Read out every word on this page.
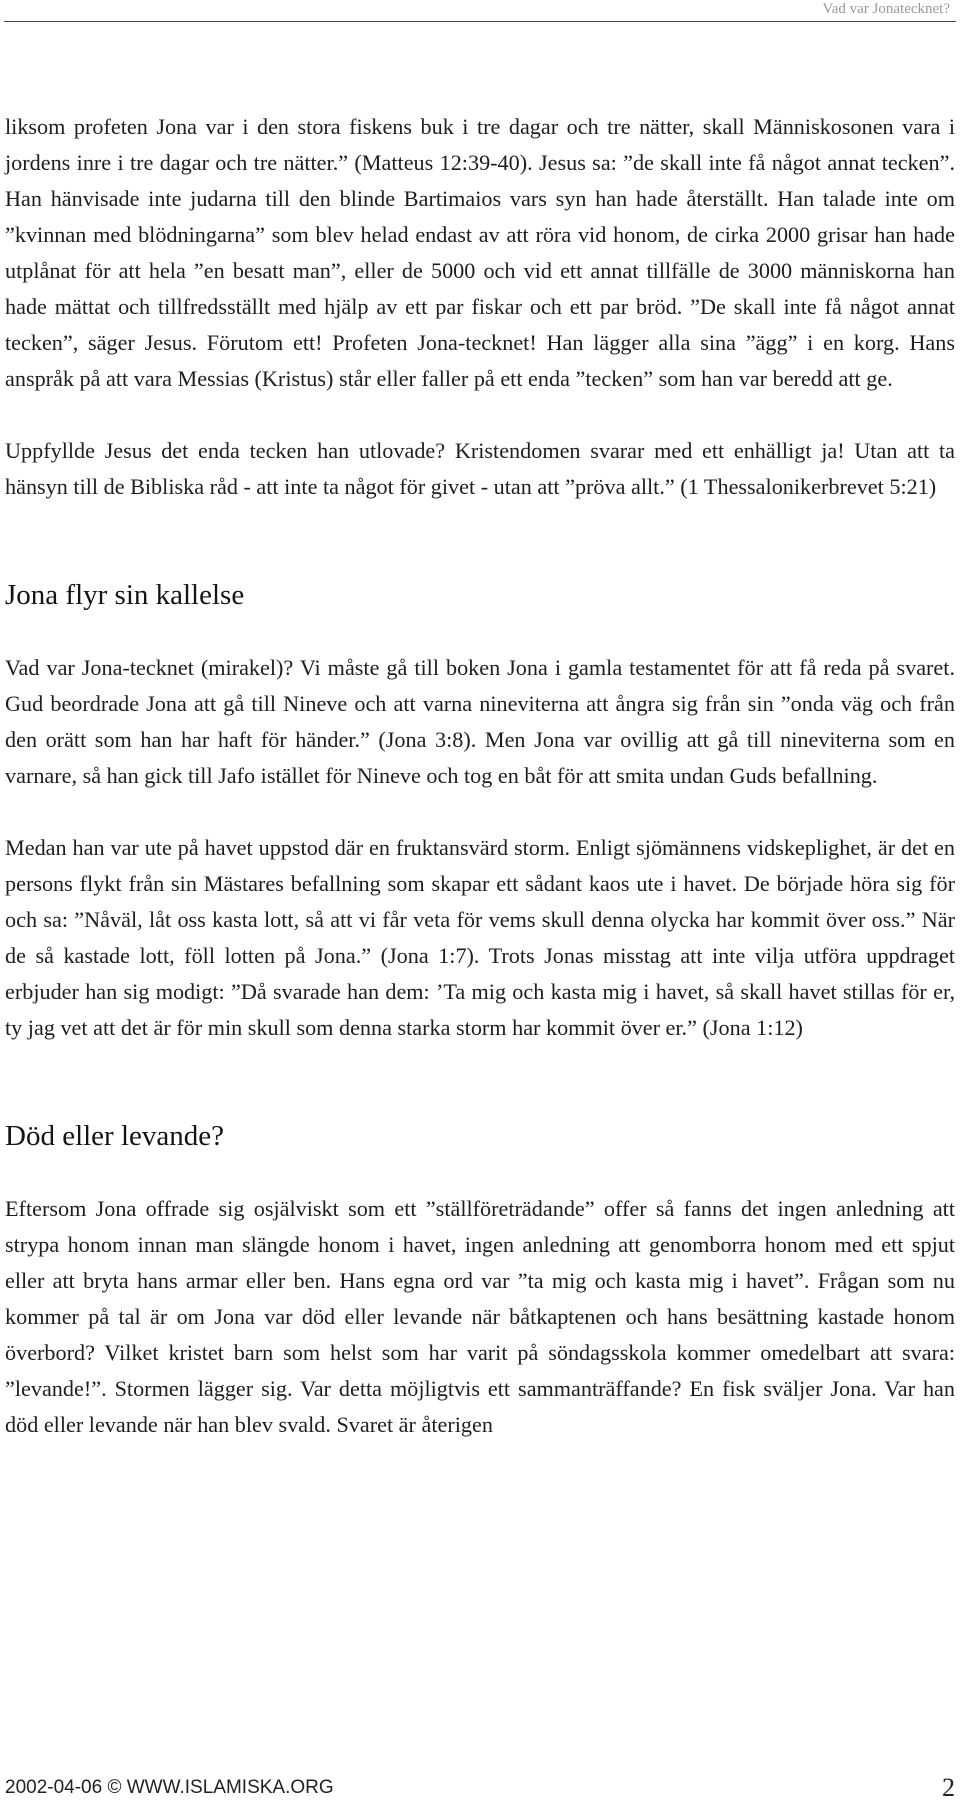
Vad var Jonatecknet?

liksom profeten Jona var i den stora fiskens buk i tre dagar och tre nätter, skall Människosonen vara i jordens inre i tre dagar och tre nätter.” (Matteus 12:39-40). Jesus sa: ”de skall inte få något annat tecken”. Han hänvisade inte judarna till den blinde Bartimaios vars syn han hade återställt. Han talade inte om ”kvinnan med blödningarna” som blev helad endast av att röra vid honom, de cirka 2000 grisar han hade utplånat för att hela ”en besatt man”, eller de 5000 och vid ett annat tillfälle de 3000 människorna han hade mättat och tillfredsställt med hjälp av ett par fiskar och ett par bröd. ”De skall inte få något annat tecken”, säger Jesus. Förutom ett! Profeten Jona-tecknet! Han lägger alla sina ”ägg” i en korg. Hans anspråk på att vara Messias (Kristus) står eller faller på ett enda ”tecken” som han var beredd att ge.

Uppfyllde Jesus det enda tecken han utlovade? Kristendomen svarar med ett enhälligt ja! Utan att ta hänsyn till de Bibliska råd - att inte ta något för givet - utan att ”pröva allt.” (1 Thessalonikerbrevet 5:21)

Jona flyr sin kallelse

Vad var Jona-tecknet (mirakel)? Vi måste gå till boken Jona i gamla testamentet för att få reda på svaret. Gud beordrade Jona att gå till Nineve och att varna nineviterna att ångra sig från sin ”onda väg och från den orätt som han har haft för händer.” (Jona 3:8). Men Jona var ovillig att gå till nineviterna som en varnare, så han gick till Jafo istället för Nineve och tog en båt för att smita undan Guds befallning.

Medan han var ute på havet uppstod där en fruktansvärd storm. Enligt sjömännens vidskeplighet, är det en persons flykt från sin Mästares befallning som skapar ett sådant kaos ute i havet. De började höra sig för och sa: ”Nåväl, låt oss kasta lott, så att vi får veta för vems skull denna olycka har kommit över oss.” När de så kastade lott, föll lotten på Jona.” (Jona 1:7). Trots Jonas misstag att inte vilja utföra uppdraget erbjuder han sig modigt: ”Då svarade han dem: ’Ta mig och kasta mig i havet, så skall havet stillas för er, ty jag vet att det är för min skull som denna starka storm har kommit över er.” (Jona 1:12)

Död eller levande?

Eftersom Jona offrade sig osjälviskt som ett ”ställföreträdande” offer så fanns det ingen anledning att strypa honom innan man slängde honom i havet, ingen anledning att genomborra honom med ett spjut eller att bryta hans armar eller ben. Hans egna ord var ”ta mig och kasta mig i havet”. Frågan som nu kommer på tal är om Jona var död eller levande när båtkaptenen och hans besättning kastade honom överbord? Vilket kristet barn som helst som har varit på söndagsskola kommer omedelbart att svara: ”levande!”. Stormen lägger sig. Var detta möjligtvis ett sammanträffande? En fisk sväljer Jona. Var han död eller levande när han blev svald. Svaret är återigen

2002-04-06 © WWW.ISLAMISKA.ORG	2
